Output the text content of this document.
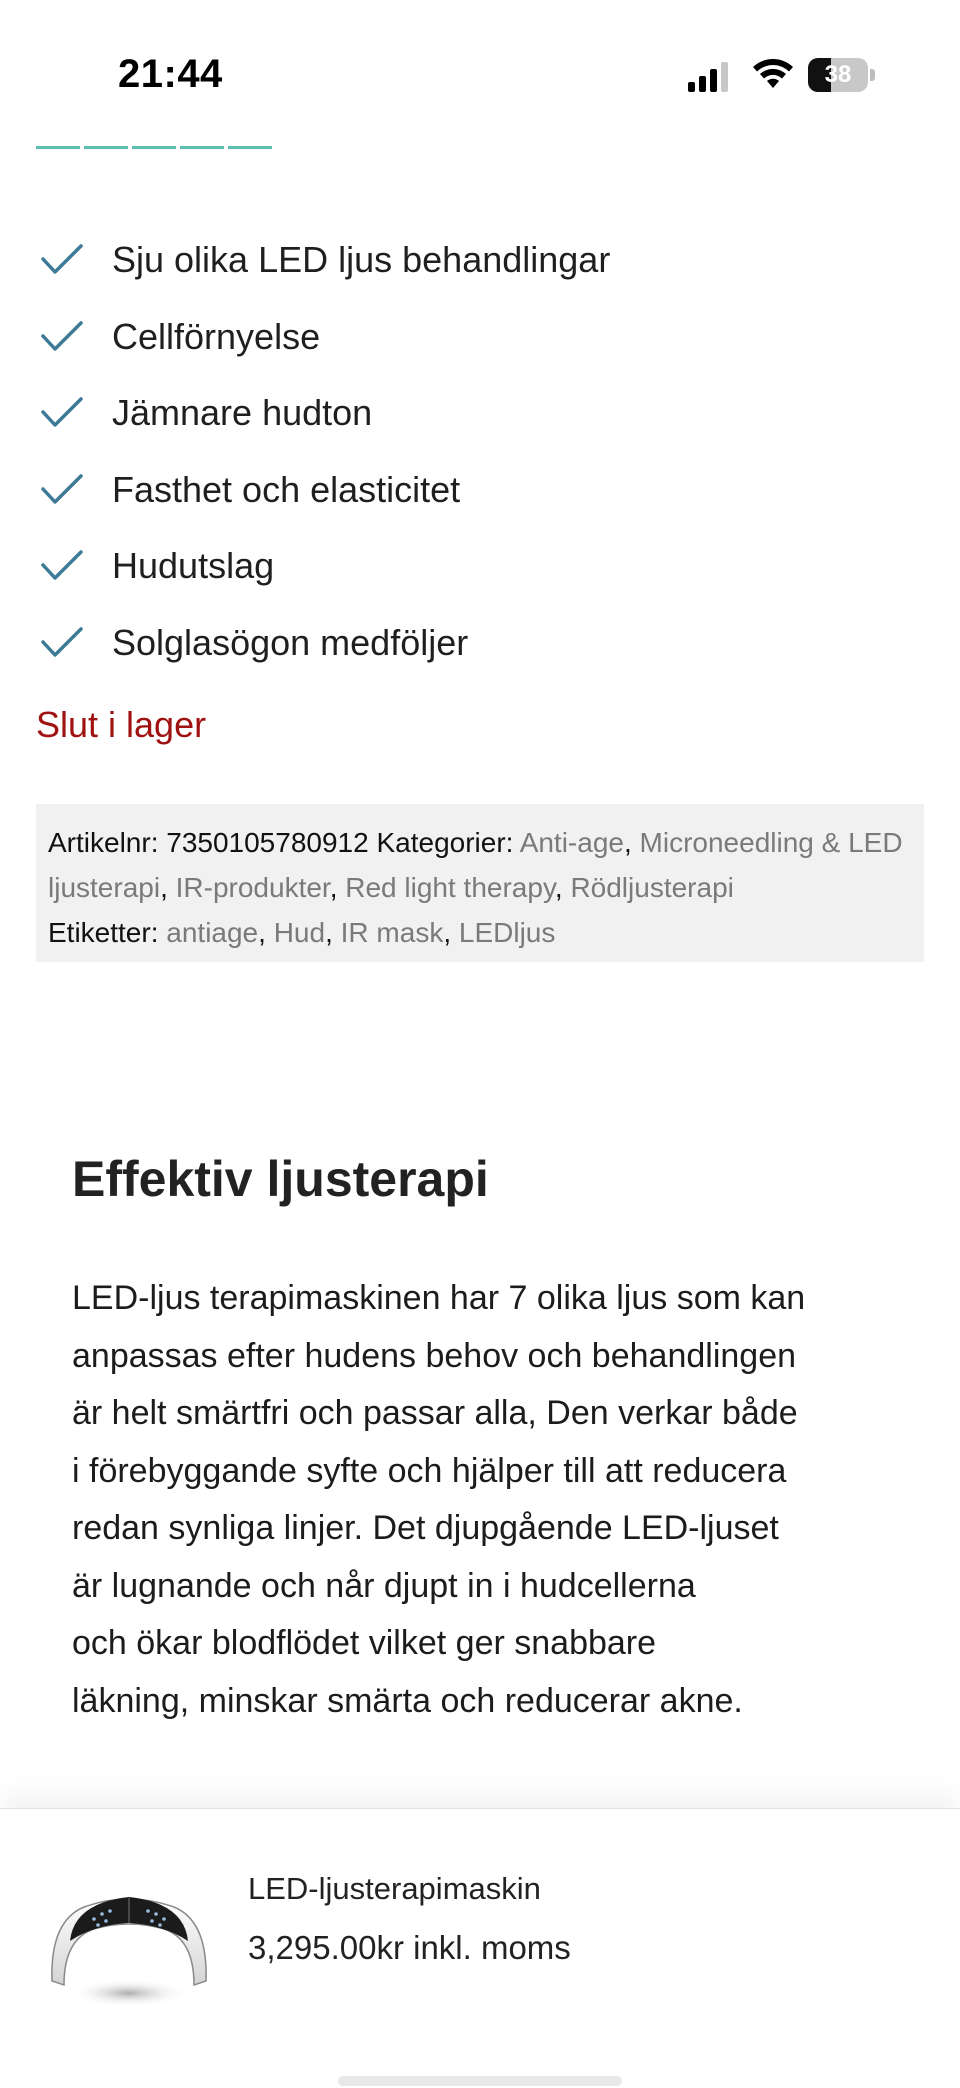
21:44	38
Sju olika LED ljus behandlingar
Cellförnyelse
Jämnare hudton
Fasthet och elasticitet
Hudutslag
Solglasögon medföljer
Slut i lager
Artikelnr: 7350105780912 Kategorier: Anti-age, Microneedling & LED ljusterapi, IR-produkter, Red light therapy, Rödljusterapi
Etiketter: antiage, Hud, IR mask, LEDljus
Effektiv ljusterapi

LED-ljus terapimaskinen har 7 olika ljus som kan
anpassas efter hudens behov och behandlingen
är helt smärtfri och passar alla, Den verkar både
i förebyggande syfte och hjälper till att reducera
redan synliga linjer. Det djupgående LED-ljuset
är lugnande och når djupt in i hudcellerna
och ökar blodflödet vilket ger snabbare
läkning, minskar smärta och reducerar akne.

LED-ljusterapimaskin
3,295.00kr inkl. moms
